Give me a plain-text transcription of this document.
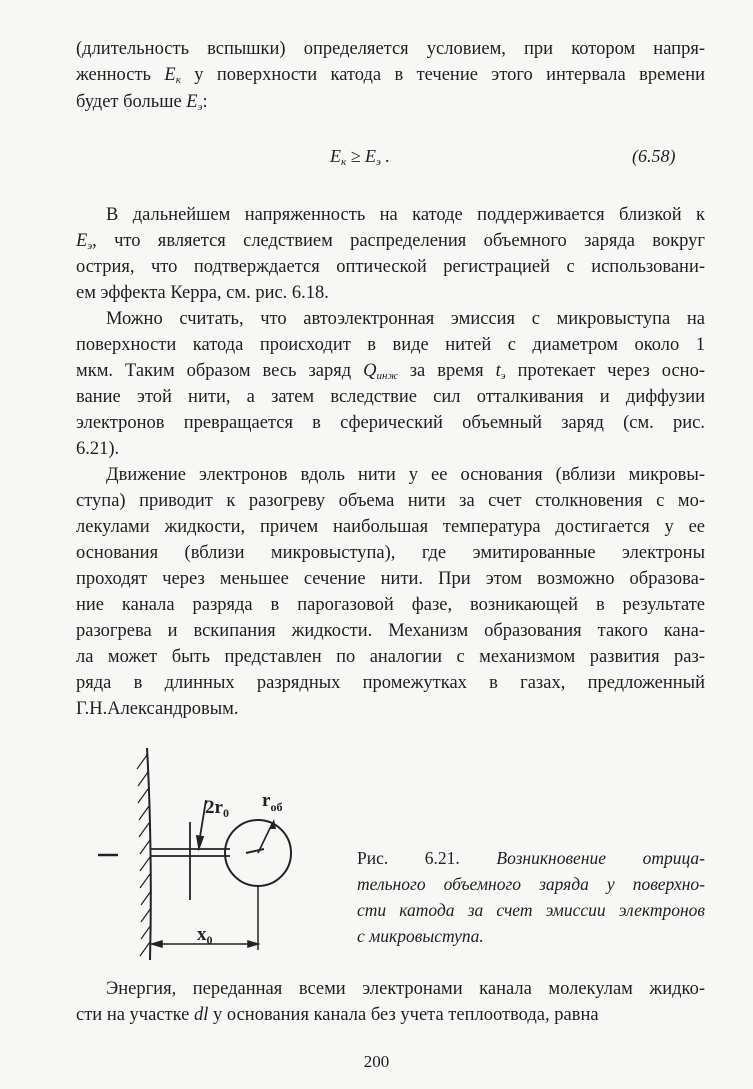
(длительность вспышки) определяется условием, при котором напря-
женность $E_к$ у поверхности катода в течение этого интервала времени
будет больше $E_э$:
$E_к \ge E_э$ .	(6.58)
В дальнейшем напряженность на катоде поддерживается близкой к
$E_э$, что является следствием распределения объемного заряда вокруг
острия, что подтверждается оптической регистрацией с использовани-
ем эффекта Керра, см. рис. 6.18.
Можно считать, что автоэлектронная эмиссия с микровыступа на
поверхности катода происходит в виде нитей с диаметром около 1
мкм. Таким образом весь заряд $Q_{инж}$ за время $t_э$ протекает через осно-
вание этой нити, а затем вследствие сил отталкивания и диффузии
электронов превращается в сферический объемный заряд (см. рис.
6.21).
Движение электронов вдоль нити у ее основания (вблизи микровы-
ступа) приводит к разогреву объема нити за счет столкновения с мо-
лекулами жидкости, причем наибольшая температура достигается у ее
основания (вблизи микровыступа), где эмитированные электроны
проходят через меньшее сечение нити. При этом возможно образова-
ние канала разряда в парогазовой фазе, возникающей в результате
разогрева и вскипания жидкости. Механизм образования такого кана-
ла может быть представлен по аналогии с механизмом развития раз-
ряда в длинных разрядных промежутках в газах, предложенный
Г.Н.Александровым.
$2r_0$
$r_{об}$
$x_0$
Рис. 6.21. Возникновение отрица-
тельного объемного заряда у поверхно-
сти катода за счет эмиссии электронов
с микровыступа.
Энергия, переданная всеми электронами канала молекулам жидко-
сти на участке dl у основания канала без учета теплоотвода, равна
200
